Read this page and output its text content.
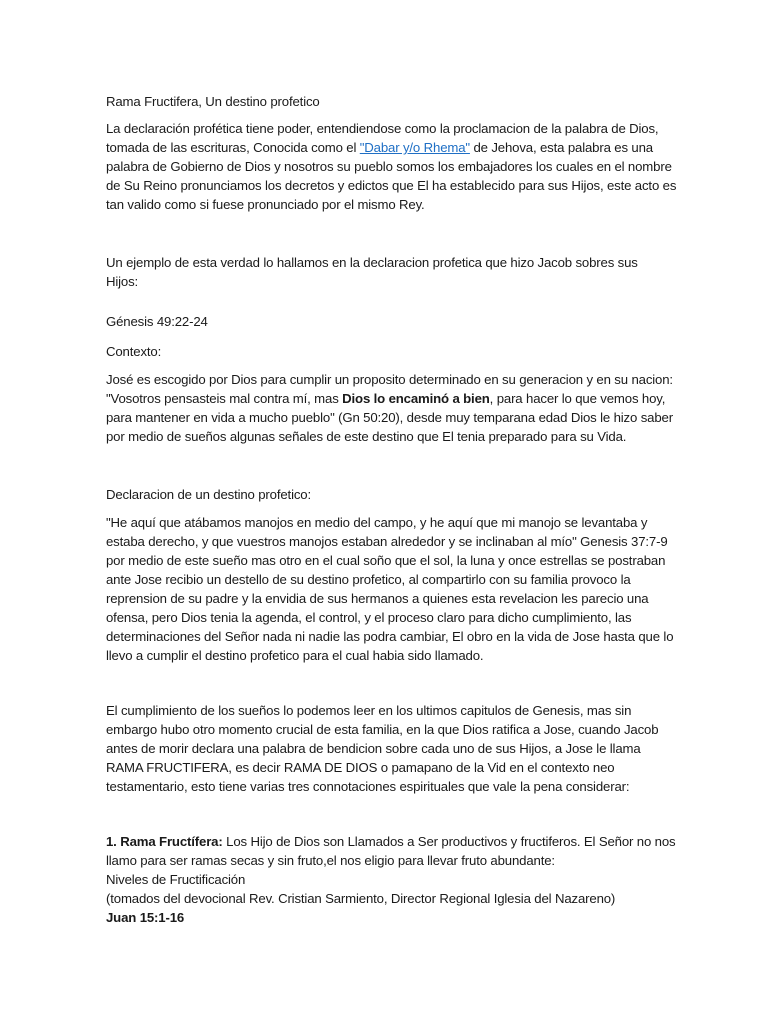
Rama Fructifera, Un destino profetico

La declaración profética tiene poder, entendiendose como la proclamacion de la palabra de Dios,
tomada de las escrituras, Conocida como el "Dabar y/o Rhema" de Jehova, esta palabra es una
palabra de Gobierno de Dios y nosotros su pueblo somos los embajadores los cuales en el nombre
de Su Reino pronunciamos los decretos y edictos que El ha establecido para sus Hijos, este acto es
tan valido como si fuese pronunciado por el mismo Rey.

Un ejemplo de esta verdad lo hallamos en la declaracion profetica que hizo Jacob sobres sus Hijos:

Génesis 49:22-24

Contexto:

José es escogido por Dios para cumplir un proposito determinado en su generacion y en su nacion:
"Vosotros pensasteis mal contra mí, mas Dios lo encaminó a bien, para hacer lo que vemos hoy,
para mantener en vida a mucho pueblo" (Gn 50:20), desde muy temparana edad Dios le hizo saber
por medio de sueños algunas señales de este destino que El tenia preparado para su Vida.

Declaracion de un destino profetico:

"He aquí que atábamos manojos en medio del campo, y he aquí que mi manojo se levantaba y
estaba derecho, y que vuestros manojos estaban alrededor y se inclinaban al mío" Genesis 37:7-9
por medio de este sueño mas otro en el cual soño que el sol, la luna y once estrellas se postraban
ante Jose recibio un destello de su destino profetico, al compartirlo con su familia provoco la
reprension de su padre y la envidia de sus hermanos a quienes esta revelacion les parecio una
ofensa, pero Dios tenia la agenda, el control, y el proceso claro para dicho cumplimiento, las
determinaciones del Señor nada ni nadie las podra cambiar, El obro en la vida de Jose hasta que lo
llevo a cumplir el destino profetico para el cual habia sido llamado.
El cumplimiento de los sueños lo podemos leer en los ultimos capitulos de Genesis, mas sin
embargo hubo otro momento crucial de esta familia, en la que Dios ratifica a Jose, cuando Jacob
antes de morir declara una palabra de bendicion sobre cada uno de sus Hijos, a Jose le llama
RAMA FRUCTIFERA, es decir RAMA DE DIOS o pamapano de la Vid en el contexto neo
testamentario, esto tiene varias tres connotaciones espirituales que vale la pena considerar:
1. Rama Fructífera: Los Hijo de Dios son Llamados a Ser productivos y fructiferos. El Señor no nos
llamo para ser ramas secas y sin fruto,el nos eligio para llevar fruto abundante:
Niveles de Fructificación
(tomados del devocional Rev. Cristian Sarmiento, Director Regional Iglesia del Nazareno)
Juan 15:1-16
